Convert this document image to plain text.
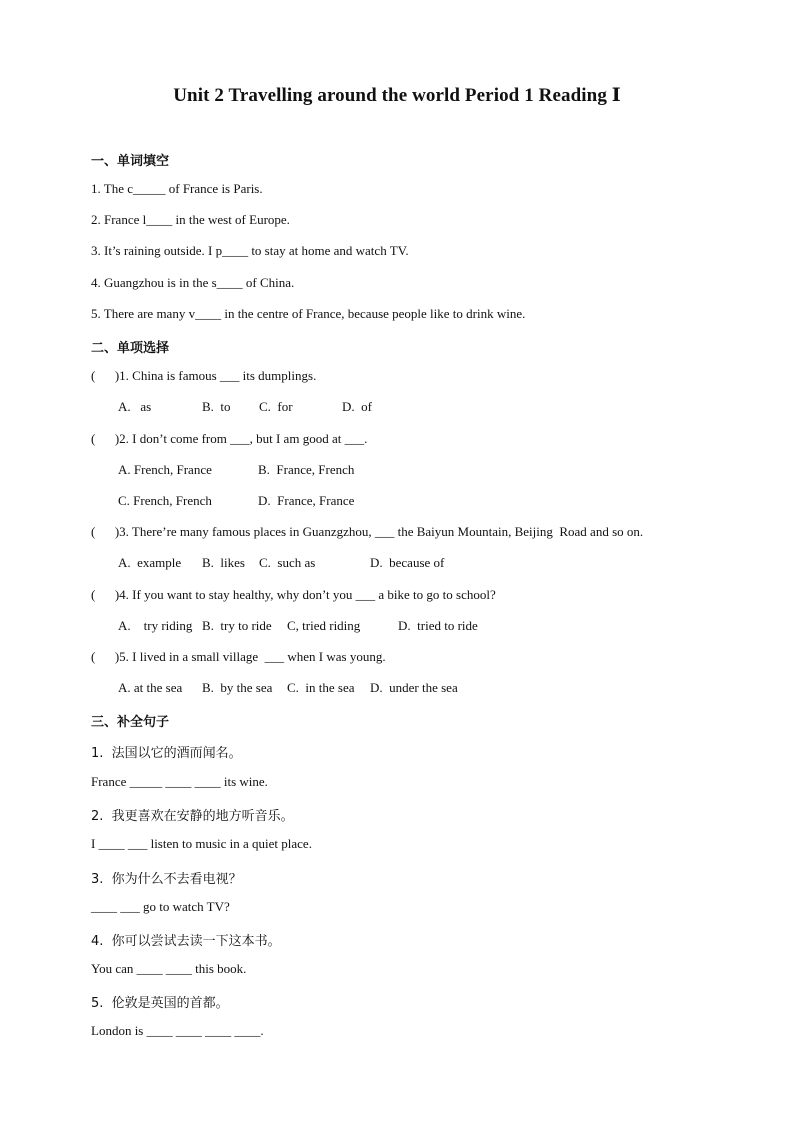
Unit 2 Travelling around the world Period 1 Reading Ⅰ
一、单词填空
1. The c_____ of France is Paris.
2. France l____ in the west of Europe.
3. It’s raining outside. I p____ to stay at home and watch TV.
4. Guangzhou is in the s____ of China.
5. There are many v____ in the centre of France, because people like to drink wine.
二、单项选择
(      )1. China is famous ___ its dumplings.
A.   as	B.  to C.  for	D.  of
(      )2. I don’t come from ___, but I am good at ___.
A. French, France	B.  France, French
C. French, French	D.  France, France
(      )3. There’re many famous places in Guanzgzhou, ___ the Baiyun Mountain, Beijing  Road and so on.
A.  example B.  likes C.  such as	D.  because of
(      )4. If you want to stay healthy, why don’t you ___ a bike to go to school?
A.    try riding B.  try to ride C, tried riding	D.  tried to ride
(      )5. I lived in a small village  ___ when I was young.
A. at the sea B.  by the sea C.  in the sea D.  under the sea
三、补全句子
1.  法国以它的酒而闻名。
France _____ ____ ____ its wine.
2.  我更喜欢在安静的地方听音乐。
I ____ ___ listen to music in a quiet place.
3.  你为什么不去看电视？
____ ___ go to watch TV?
4.  你可以尝试去读一下这本书。
You can ____ ____ this book.
5.  伦敦是英国的首都。
London is ____ ____ ____ ____.
